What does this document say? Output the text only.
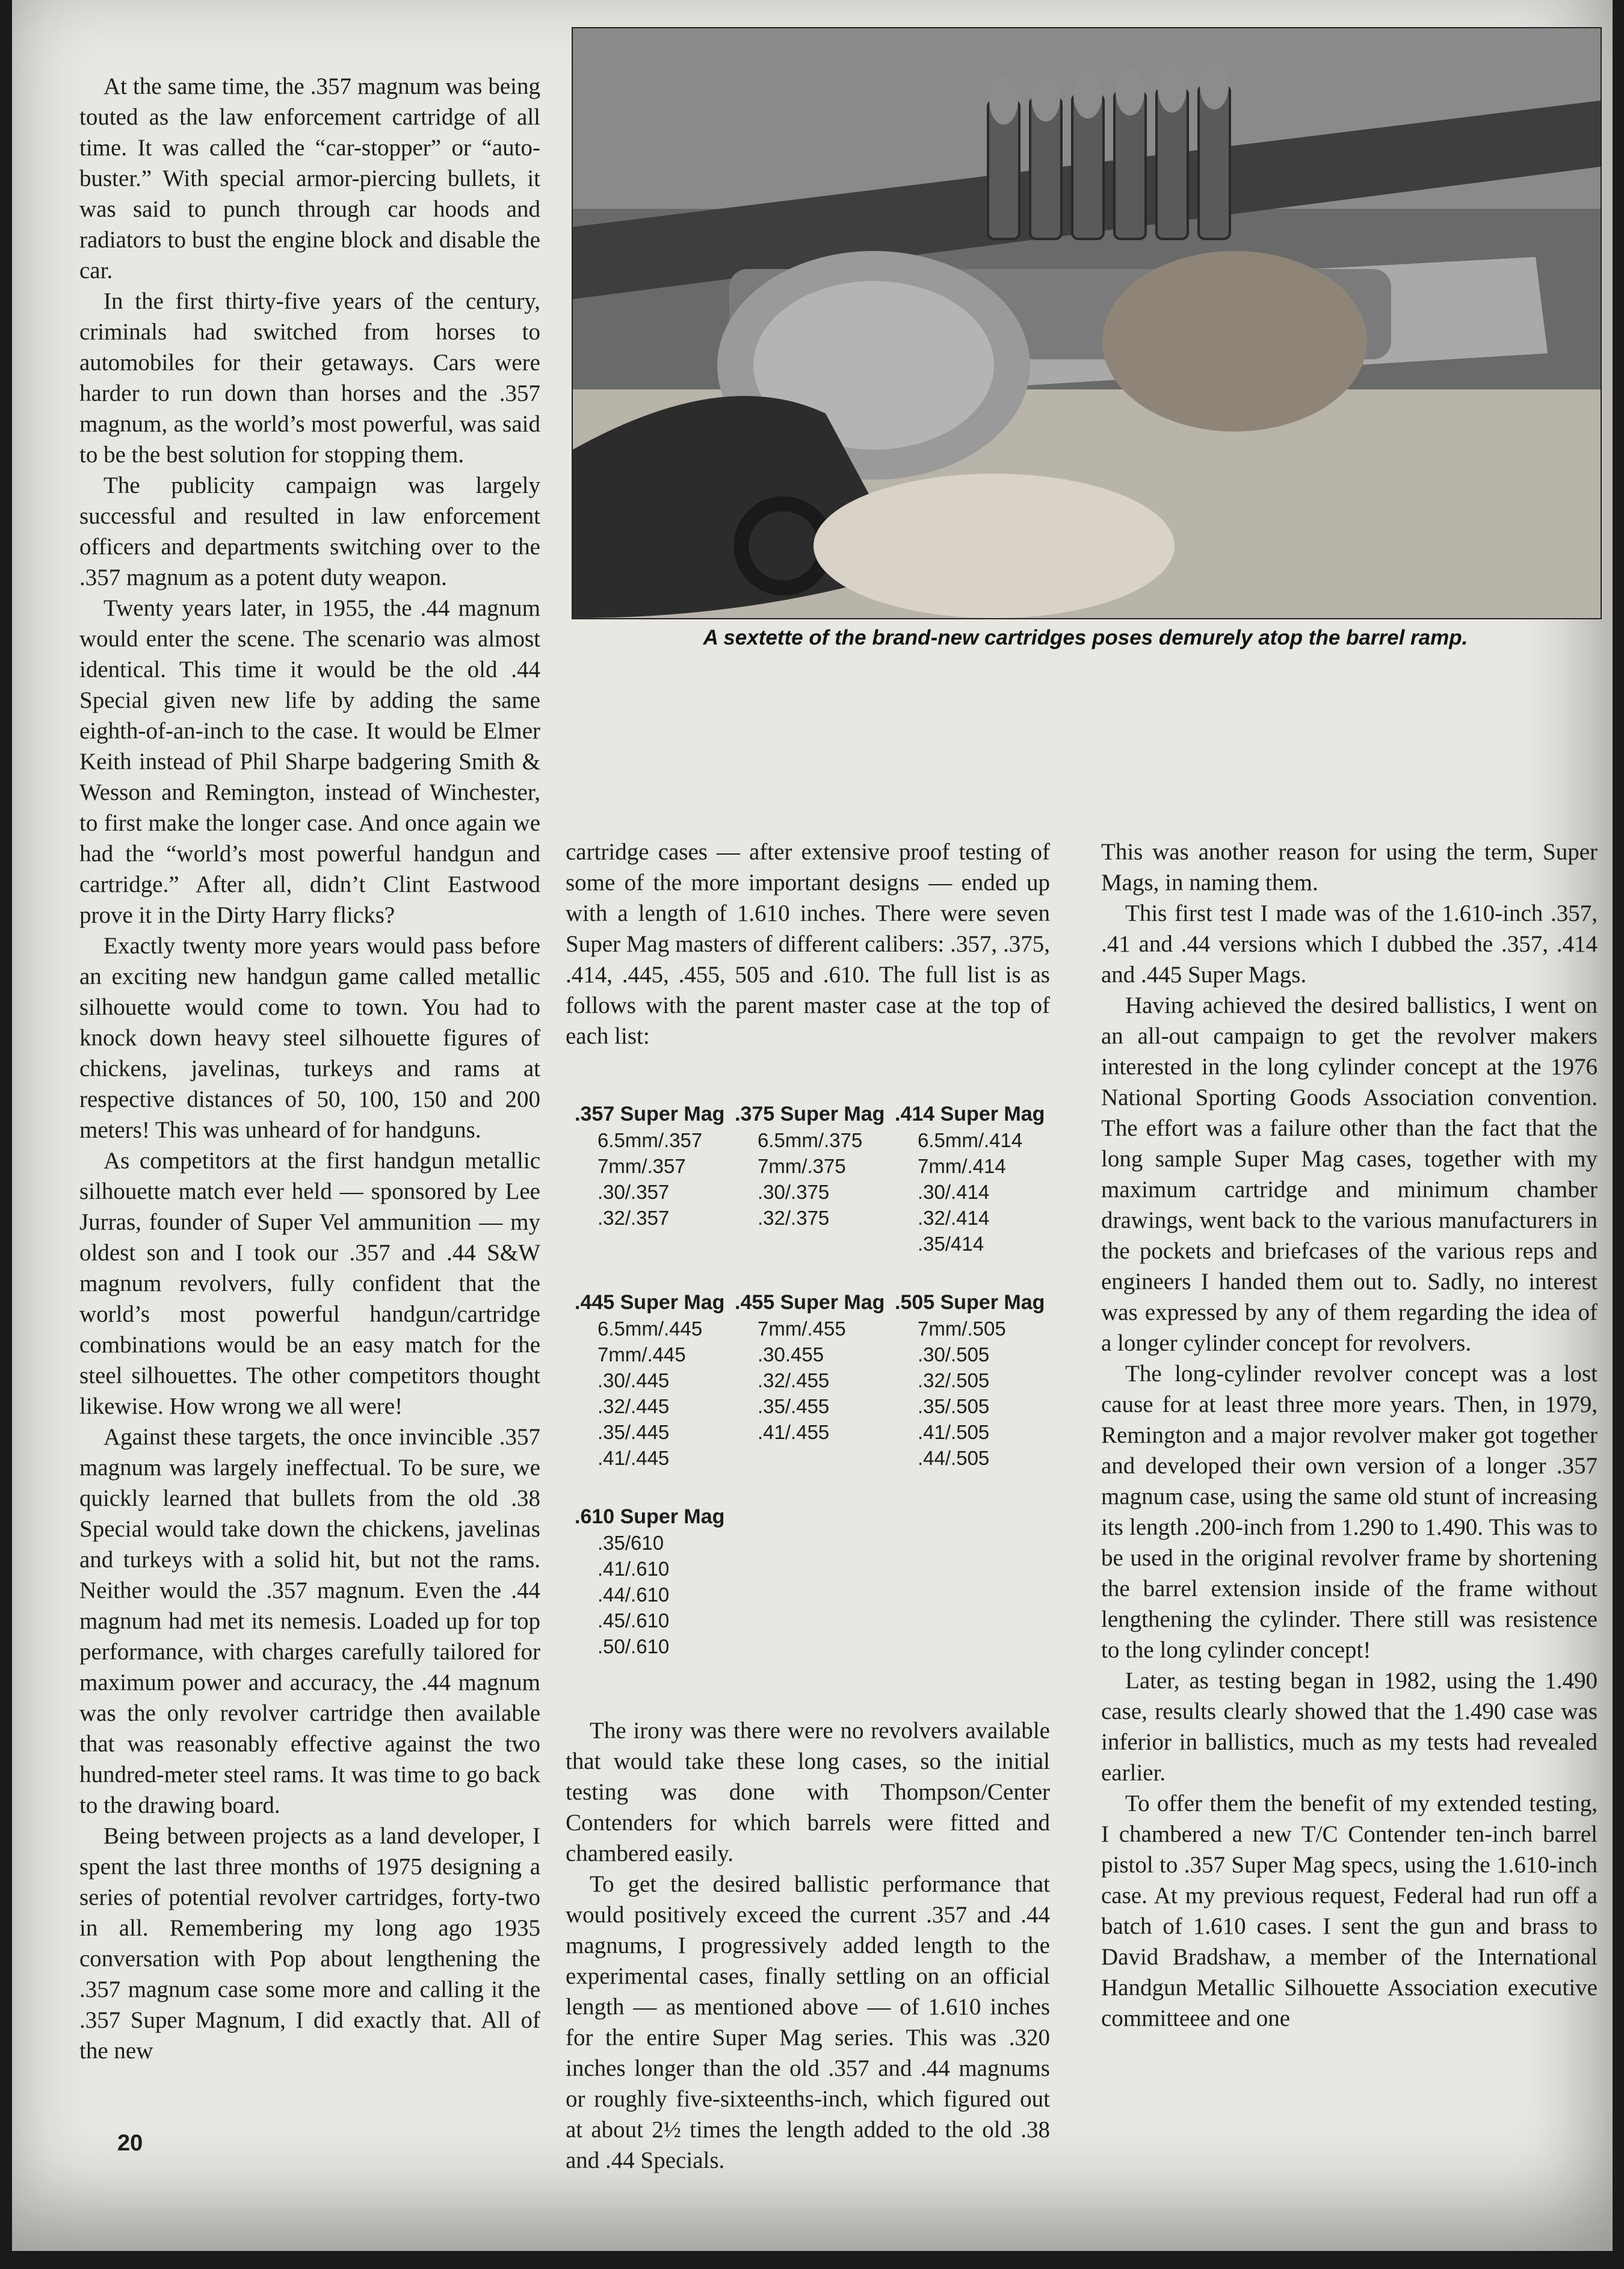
At the same time, the .357 magnum was being touted as the law enforcement cartridge of all time. It was called the “car-stopper” or “auto-buster.” With special armor-piercing bullets, it was said to punch through car hoods and radiators to bust the engine block and disable the car.

In the first thirty-five years of the century, criminals had switched from horses to automobiles for their getaways. Cars were harder to run down than horses and the .357 magnum, as the world’s most powerful, was said to be the best solution for stopping them.

The publicity campaign was largely successful and resulted in law enforcement officers and departments switching over to the .357 magnum as a potent duty weapon.

Twenty years later, in 1955, the .44 magnum would enter the scene. The scenario was almost identical. This time it would be the old .44 Special given new life by adding the same eighth-of-an-inch to the case. It would be Elmer Keith instead of Phil Sharpe badgering Smith & Wesson and Remington, instead of Winchester, to first make the longer case. And once again we had the “world’s most powerful handgun and cartridge.” After all, didn’t Clint Eastwood prove it in the Dirty Harry flicks?

Exactly twenty more years would pass before an exciting new handgun game called metallic silhouette would come to town. You had to knock down heavy steel silhouette figures of chickens, javelinas, turkeys and rams at respective distances of 50, 100, 150 and 200 meters! This was unheard of for handguns.

As competitors at the first handgun metallic silhouette match ever held — sponsored by Lee Jurras, founder of Super Vel ammunition — my oldest son and I took our .357 and .44 S&W magnum revolvers, fully confident that the world’s most powerful handgun/cartridge combinations would be an easy match for the steel silhouettes. The other competitors thought likewise. How wrong we all were!

Against these targets, the once invincible .357 magnum was largely ineffectual. To be sure, we quickly learned that bullets from the old .38 Special would take down the chickens, javelinas and turkeys with a solid hit, but not the rams. Neither would the .357 magnum. Even the .44 magnum had met its nemesis. Loaded up for top performance, with charges carefully tailored for maximum power and accuracy, the .44 magnum was the only revolver cartridge then available that was reasonably effective against the two hundred-meter steel rams. It was time to go back to the drawing board.

Being between projects as a land developer, I spent the last three months of 1975 designing a series of potential revolver cartridges, forty-two in all. Remembering my long ago 1935 conversation with Pop about lengthening the .357 magnum case some more and calling it the .357 Super Magnum, I did exactly that. All of the new

A sextette of the brand-new cartridges poses demurely atop the barrel ramp.

cartridge cases — after extensive proof testing of some of the more important designs — ended up with a length of 1.610 inches. There were seven Super Mag masters of different calibers: .357, .375, .414, .445, .455, 505 and .610. The full list is as follows with the parent master case at the top of each list:

.357 Super Mag
6.5mm/.357
7mm/.357
.30/.357
.32/.357
.375 Super Mag
6.5mm/.375
7mm/.375
.30/.375
.32/.375
.414 Super Mag
6.5mm/.414
7mm/.414
.30/.414
.32/.414
.35/414
.445 Super Mag
6.5mm/.445
7mm/.445
.30/.445
.32/.445
.35/.445
.41/.445
.455 Super Mag
7mm/.455
.30.455
.32/.455
.35/.455
.41/.455
.505 Super Mag
7mm/.505
.30/.505
.32/.505
.35/.505
.41/.505
.44/.505
.610 Super Mag
.35/610
.41/.610
.44/.610
.45/.610
.50/.610

The irony was there were no revolvers available that would take these long cases, so the initial testing was done with Thompson/Center Contenders for which barrels were fitted and chambered easily.

To get the desired ballistic performance that would positively exceed the current .357 and .44 magnums, I progressively added length to the experimental cases, finally settling on an official length — as mentioned above — of 1.610 inches for the entire Super Mag series. This was .320 inches longer than the old .357 and .44 magnums or roughly five-sixteenths-inch, which figured out at about 2½ times the length added to the old .38 and .44 Specials.

This was another reason for using the term, Super Mags, in naming them.

This first test I made was of the 1.610-inch .357, .41 and .44 versions which I dubbed the .357, .414 and .445 Super Mags.

Having achieved the desired ballistics, I went on an all-out campaign to get the revolver makers interested in the long cylinder concept at the 1976 National Sporting Goods Association convention. The effort was a failure other than the fact that the long sample Super Mag cases, together with my maximum cartridge and minimum chamber drawings, went back to the various manufacturers in the pockets and briefcases of the various reps and engineers I handed them out to. Sadly, no interest was expressed by any of them regarding the idea of a longer cylinder concept for revolvers.

The long-cylinder revolver concept was a lost cause for at least three more years. Then, in 1979, Remington and a major revolver maker got together and developed their own version of a longer .357 magnum case, using the same old stunt of increasing its length .200-inch from 1.290 to 1.490. This was to be used in the original revolver frame by shortening the barrel extension inside of the frame without lengthening the cylinder. There still was resistence to the long cylinder concept!

Later, as testing began in 1982, using the 1.490 case, results clearly showed that the 1.490 case was inferior in ballistics, much as my tests had revealed earlier.

To offer them the benefit of my extended testing, I chambered a new T/C Contender ten-inch barrel pistol to .357 Super Mag specs, using the 1.610-inch case. At my previous request, Federal had run off a batch of 1.610 cases. I sent the gun and brass to David Bradshaw, a member of the International Handgun Metallic Silhouette Association executive committeee and one

20
